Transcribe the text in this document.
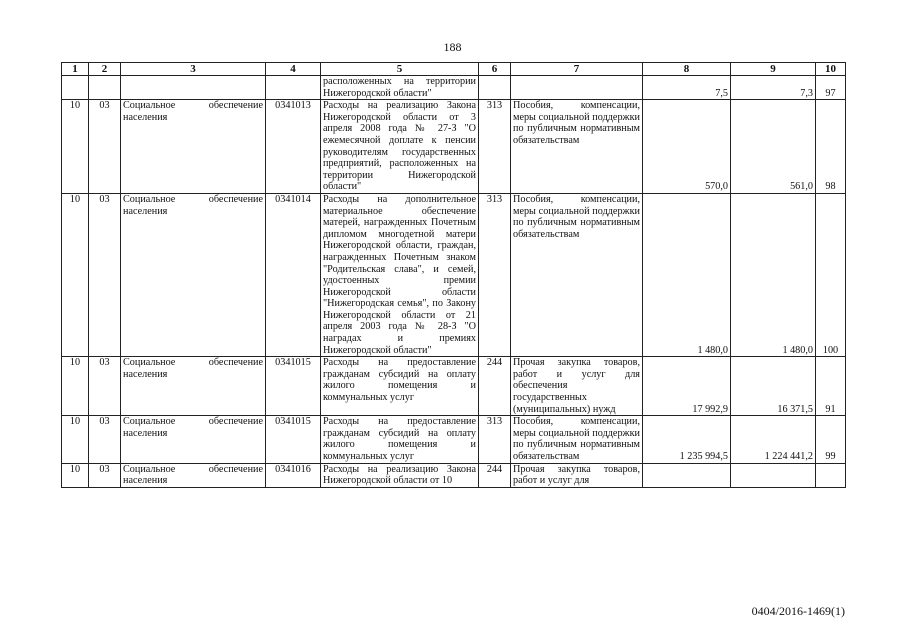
188
1	2	3	4	5	6	7	8	9	10
				расположенных на территории Нижегородской области"			7,5	7,3	97
10	03	Социальное обеспечение населения	0341013	Расходы на реализацию Закона Нижегородской области от 3 апреля 2008 года № 27-З "О ежемесячной доплате к пенсии руководителям государственных предприятий, расположенных на территории Нижегородской области"	313	Пособия, компенсации, меры социальной поддержки по публичным нормативным обязательствам	570,0	561,0	98
10	03	Социальное обеспечение населения	0341014	Расходы на дополнительное материальное обеспечение матерей, награжденных Почетным дипломом многодетной матери Нижегородской области, граждан, награжденных Почетным знаком "Родительская слава", и семей, удостоенных премии Нижегородской области "Нижегородская семья", по Закону Нижегородской области от 21 апреля 2003 года № 28-З "О наградах и премиях Нижегородской области"	313	Пособия, компенсации, меры социальной поддержки по публичным нормативным обязательствам	1 480,0	1 480,0	100
10	03	Социальное обеспечение населения	0341015	Расходы на предоставление гражданам субсидий на оплату жилого помещения и коммунальных услуг	244	Прочая закупка товаров, работ и услуг для обеспечения государственных (муниципальных) нужд	17 992,9	16 371,5	91
10	03	Социальное обеспечение населения	0341015	Расходы на предоставление гражданам субсидий на оплату жилого помещения и коммунальных услуг	313	Пособия, компенсации, меры социальной поддержки по публичным нормативным обязательствам	1 235 994,5	1 224 441,2	99
10	03	Социальное обеспечение населения	0341016	Расходы на реализацию Закона Нижегородской области от 10	244	Прочая закупка товаров, работ и услуг для			
0404/2016-1469(1)
